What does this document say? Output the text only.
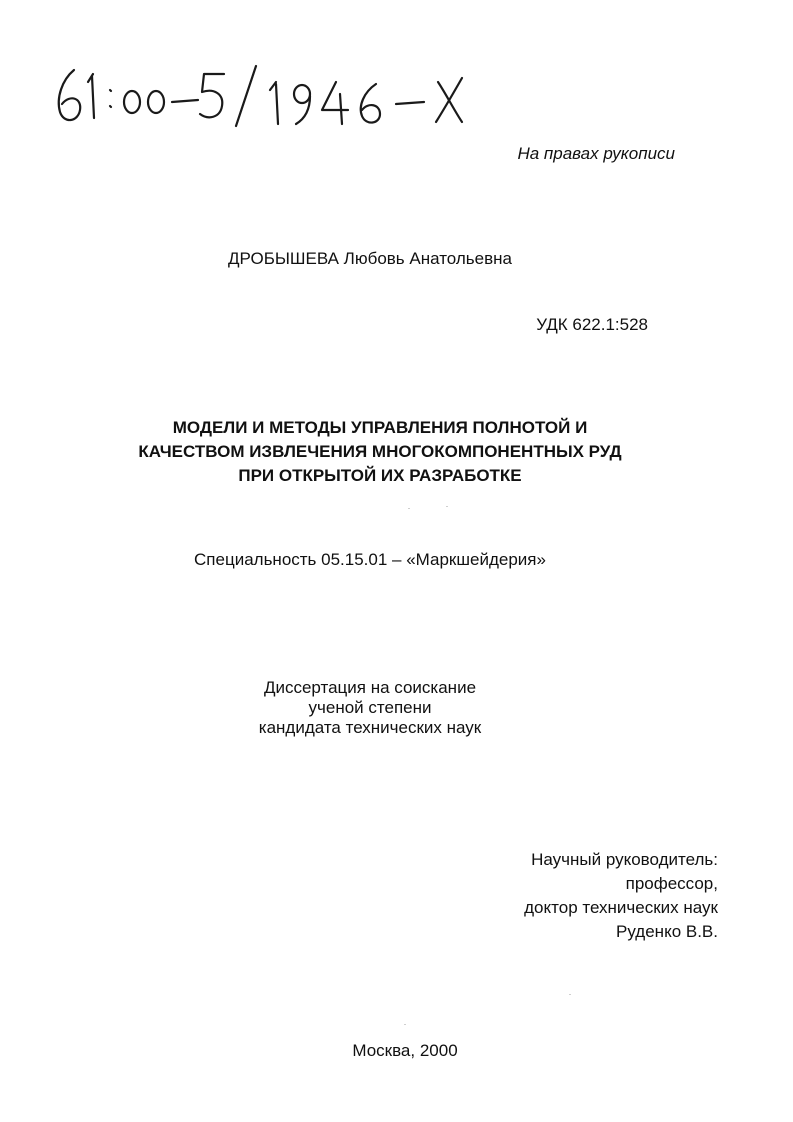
На правах рукописи
ДРОБЫШЕВА Любовь Анатольевна
УДК 622.1:528
МОДЕЛИ И МЕТОДЫ УПРАВЛЕНИЯ ПОЛНОТОЙ И
КАЧЕСТВОМ ИЗВЛЕЧЕНИЯ МНОГОКОМПОНЕНТНЫХ РУД
ПРИ ОТКРЫТОЙ ИХ РАЗРАБОТКЕ
Специальность 05.15.01 – «Маркшейдерия»
Диссертация на соискание
ученой степени
кандидата технических наук
Научный руководитель:
профессор,
доктор технических наук
Руденко В.В.
Москва, 2000
